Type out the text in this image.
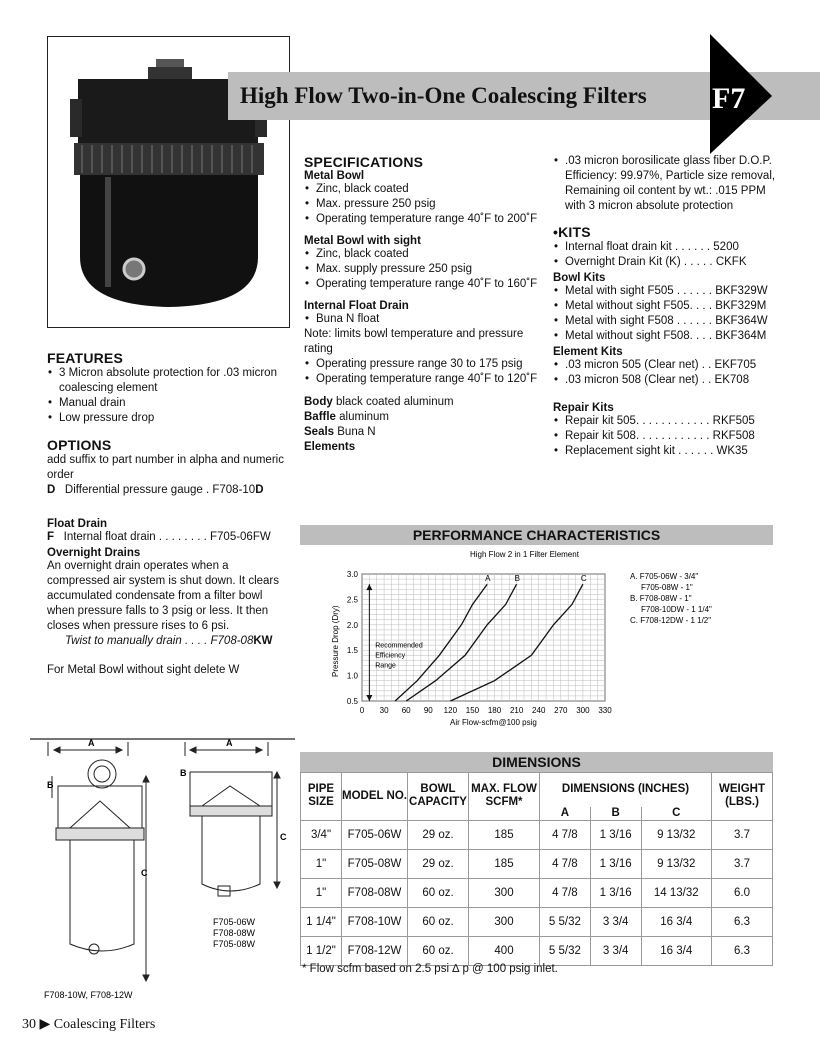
High Flow Two-in-One Coalescing Filters F7
FEATURES
• 3 Micron absolute protection for .03 micron coalescing element
• Manual drain
• Low pressure drop
OPTIONS
add suffix to part number in alpha and numeric order
D Differential pressure gauge . F708-10D
Float Drain
F Internal float drain . . . . . . . . F705-06FW
Overnight Drains
An overnight drain operates when a compressed air system is shut down. It clears accumulated condensate from a filter bowl when pressure falls to 3 psig or less. It then closes when pressure rises to 6 psi.
Twist to manually drain . . . . F708-08KW
For Metal Bowl without sight delete W
SPECIFICATIONS
Metal Bowl
• Zinc, black coated
• Max. pressure 250 psig
• Operating temperature range 40˚F to 200˚F
Metal Bowl with sight
• Zinc, black coated
• Max. supply pressure 250 psig
• Operating temperature range 40˚F to 160˚F
Internal Float Drain
• Buna N float
Note: limits bowl temperature and pressure rating
• Operating pressure range 30 to 175 psig
• Operating temperature range 40˚F to 120˚F
Body black coated aluminum
Baffle aluminum
Seals Buna N
Elements
• .03 micron borosilicate glass fiber D.O.P. Efficiency: 99.97%, Particle size removal, Remaining oil content by wt.: .015 PPM with 3 micron absolute protection
•KITS
• Internal float drain kit . . . . . . 5200
• Overnight Drain Kit (K) . . . . . CKFK
Bowl Kits
• Metal with sight F505 . . . . . . BKF329W
• Metal without sight F505. . . . BKF329M
• Metal with sight F508 . . . . . . BKF364W
• Metal without sight F508. . . . BKF364M
Element Kits
• .03 micron 505 (Clear net) . . EKF705
• .03 micron 508 (Clear net) . . EK708
Repair Kits
• Repair kit 505. . . . . . . . . . . . RKF505
• Repair kit 508. . . . . . . . . . . . RKF508
• Replacement sight kit . . . . . . WK35
PERFORMANCE CHARACTERISTICS
High Flow 2 in 1 Filter Element
Pressure Drop (Dry)
Air Flow-scfm@100 psig
0 30 60 90 120 150 180 210 240 270 300 330
0.5
1.0
1.5
2.0
2.5
3.0	A	B	C
Recommended
Efficiency
Range
A. F705-06W - 3/4"
F705-08W - 1"
B. F708-08W - 1"
F708-10DW - 1 1/4"
C. F708-12DW - 1 1/2"
A
B
C
A
B
C
F705-06W
F708-08W
F705-08W
F708-10W, F708-12W
DIMENSIONS
PIPE SIZE	MODEL NO.	BOWL CAPACITY	MAX. FLOW SCFM*	DIMENSIONS (INCHES)			WEIGHT (LBS.)
				A	B	C	
3/4"	F705-06W	29 oz.	185	4 7/8	1 3/16	9 13/32	3.7
1"	F705-08W	29 oz.	185	4 7/8	1 3/16	9 13/32	3.7
1"	F708-08W	60 oz.	300	4 7/8	1 3/16	14 13/32	6.0
1 1/4"	F708-10W	60 oz.	300	5 5/32	3 3/4	16 3/4	6.3
1 1/2"	F708-12W	60 oz.	400	5 5/32	3 3/4	16 3/4	6.3
* Flow scfm based on 2.5 psi ∆ p @ 100 psig inlet.
30 ▶ Coalescing Filters
